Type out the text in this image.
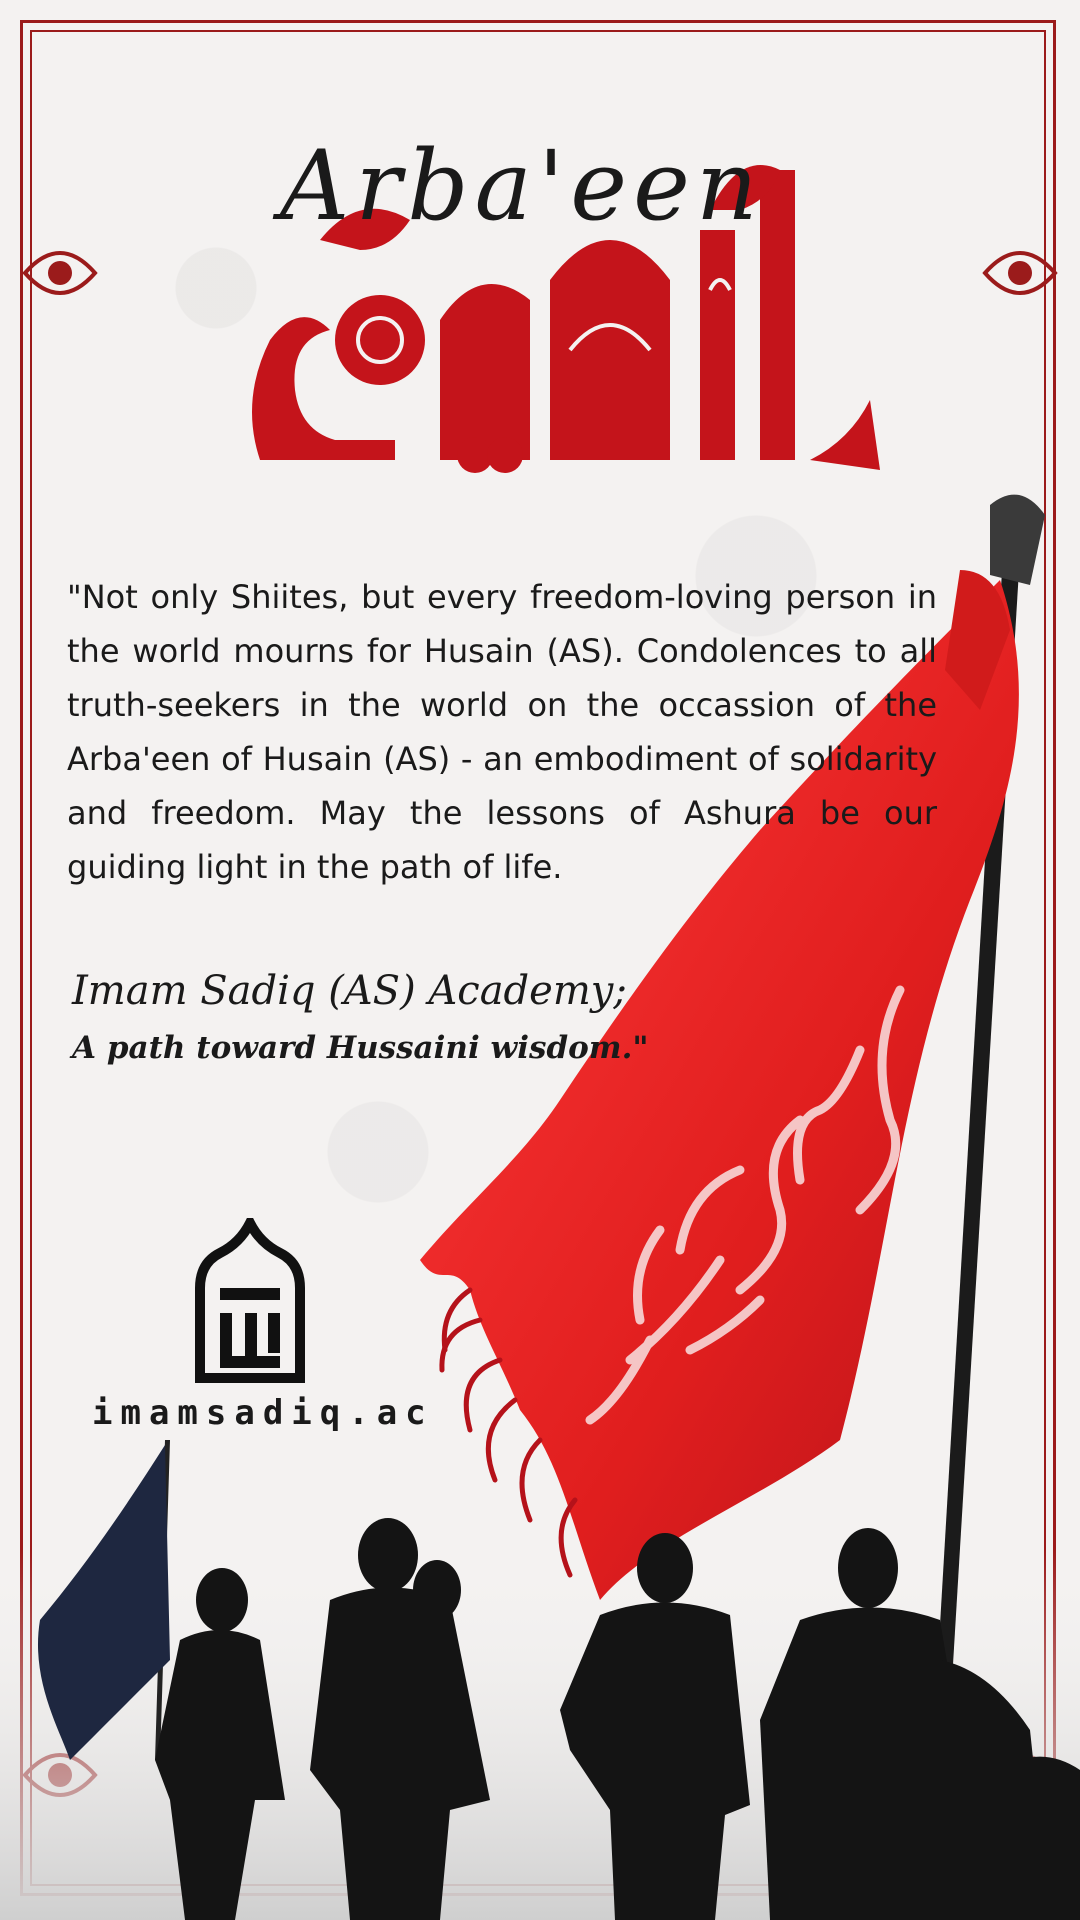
Arba'een
"Not only Shiites, but every freedom-loving person in the world mourns for Husain (AS). Condolences to all truth-seekers in the world on the occassion of the Arba'een of Husain (AS) - an embodiment of solidarity and freedom. May the lessons of Ashura be our guiding light in the path of life.
Imam Sadiq (AS) Academy;
A path toward Hussaini wisdom."
imamsadiq.ac
